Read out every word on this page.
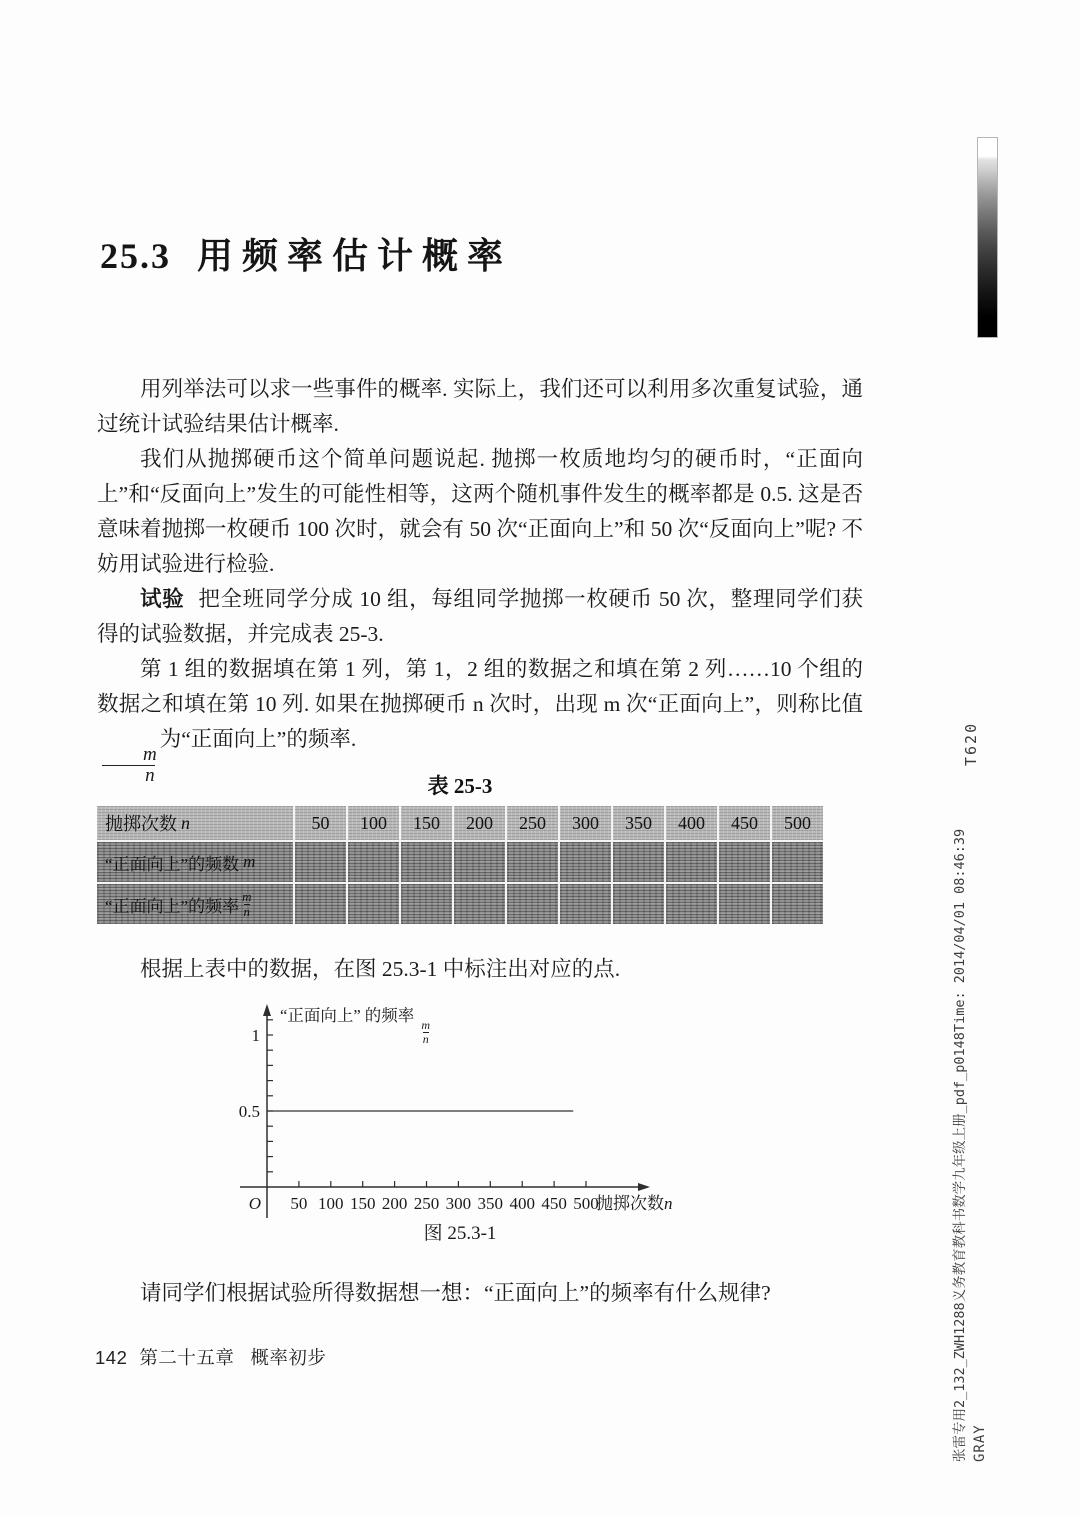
25.3 用频率估计概率

用列举法可以求一些事件的概率. 实际上，我们还可以利用多次重复试验，通过统计试验结果估计概率.

我们从抛掷硬币这个简单问题说起. 抛掷一枚质地均匀的硬币时，“正面向上”和“反面向上”发生的可能性相等，这两个随机事件发生的概率都是 0.5. 这是否意味着抛掷一枚硬币 100 次时，就会有 50 次“正面向上”和 50 次“反面向上”呢? 不妨用试验进行检验.

试验 把全班同学分成 10 组，每组同学抛掷一枚硬币 50 次，整理同学们获得的试验数据，并完成表 25-3.

第 1 组的数据填在第 1 列，第 1，2 组的数据之和填在第 2 列……10 个组的数据之和填在第 10 列. 如果在抛掷硬币 n 次时，出现 m 次“正面向上”，则称比值
$\frac{m}{n}$
为“正面向上”的频率.

表 25-3
抛掷次数 n	50	100	150	200	250	300	350	400	450	500
“正面向上”的频数 m
“正面向上”的频率 $\frac{m}{n}$

根据上表中的数据，在图 25.3-1 中标注出对应的点.

0.5
1
50 100 150 200 250 300 350 400 450 500
O	抛掷次数n
“正面向上” 的频率
$\frac{m}{n}$
图 25.3-1

请同学们根据试验所得数据想一想：“正面向上”的频率有什么规律?

142 第二十五章 概率初步
T620
张雷专用2_132_ZWH1288义务教育教科书数学九年级上册_pdf_p0148Time: 2014/04/01 08:46:39 GRAY
